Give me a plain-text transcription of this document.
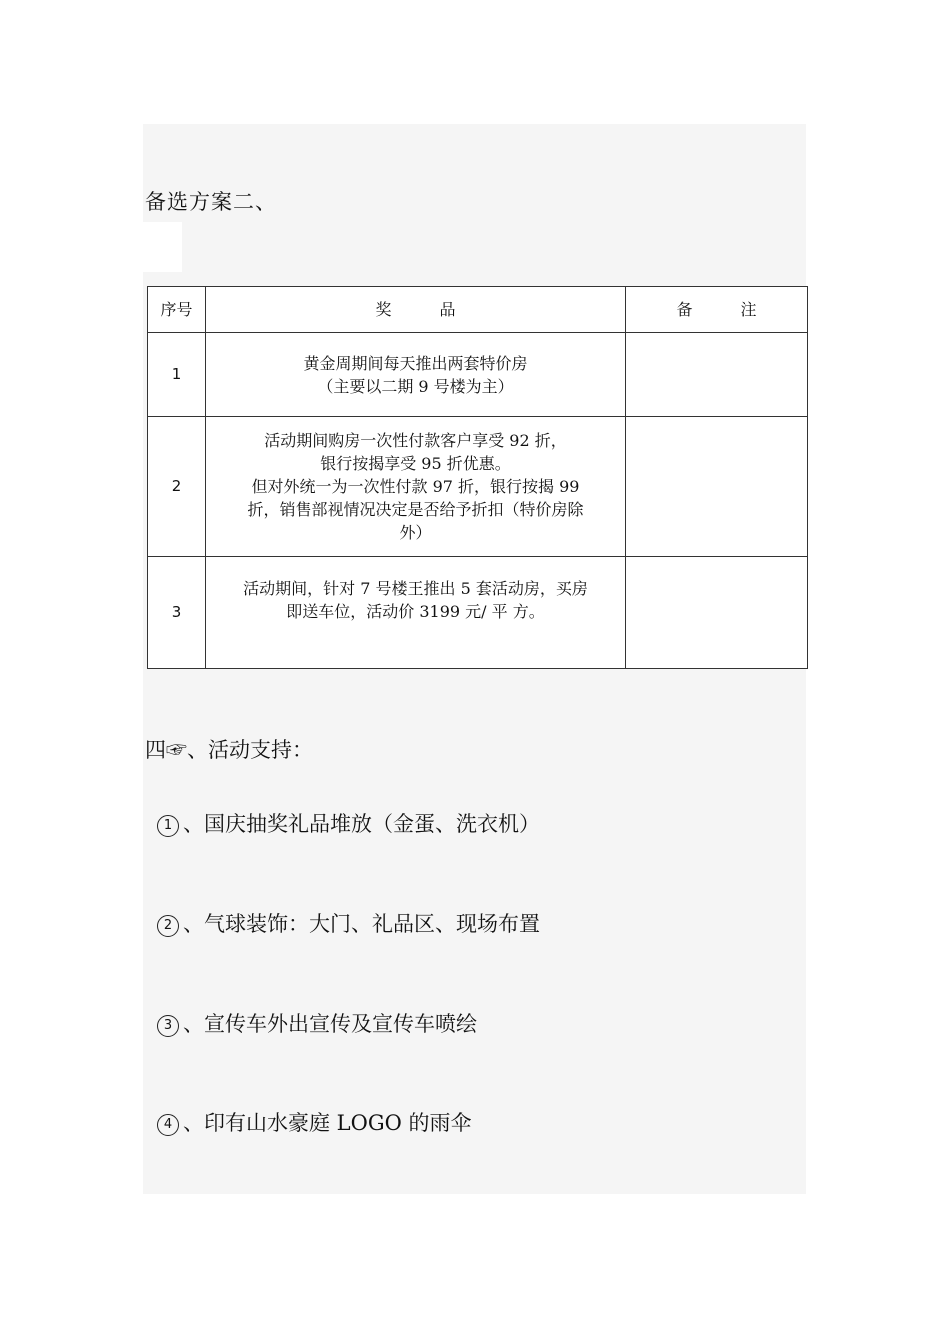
备选方案二、
序号	奖　　　品	备　　　注
1	黄金周期间每天推出两套特价房
（主要以二期 9 号楼为主）	

2	活动期间购房一次性付款客户享受 92 折，
银行按揭享受 95 折优惠。
但对外统一为一次性付款 97 折，银行按揭 99
折，销售部视情况决定是否给予折扣（特价房除
外）	

3	活动期间，针对 7 号楼王推出 5 套活动房，买房
即送车位，活动价 3199 元/ 平 方。	

四☞、活动支持：
1 、国庆抽奖礼品堆放（金蛋、洗衣机）
2 、气球装饰：大门、礼品区、现场布置
3 、宣传车外出宣传及宣传车喷绘
4 、印有山水豪庭 LOGO 的雨伞
